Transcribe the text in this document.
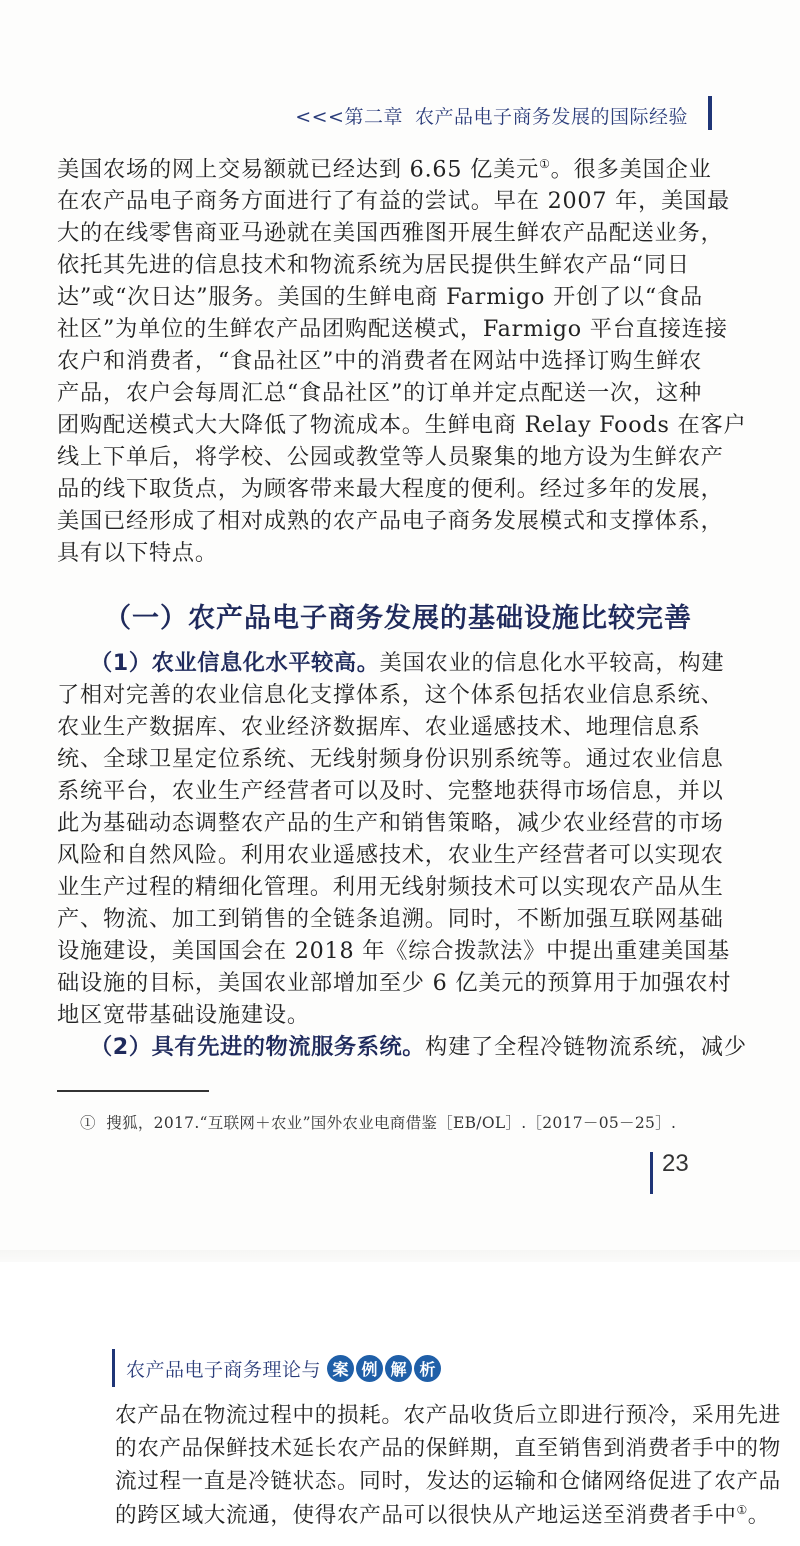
<<<第二章 农产品电子商务发展的国际经验
美国农场的网上交易额就已经达到 6.65 亿美元①。很多美国企业
在农产品电子商务方面进行了有益的尝试。早在 2007 年，美国最
大的在线零售商亚马逊就在美国西雅图开展生鲜农产品配送业务，
依托其先进的信息技术和物流系统为居民提供生鲜农产品“同日
达”或“次日达”服务。美国的生鲜电商 Farmigo 开创了以“食品
社区”为单位的生鲜农产品团购配送模式，Farmigo 平台直接连接
农户和消费者，“食品社区”中的消费者在网站中选择订购生鲜农
产品，农户会每周汇总“食品社区”的订单并定点配送一次，这种
团购配送模式大大降低了物流成本。生鲜电商 Relay Foods 在客户
线上下单后，将学校、公园或教堂等人员聚集的地方设为生鲜农产
品的线下取货点，为顾客带来最大程度的便利。经过多年的发展，
美国已经形成了相对成熟的农产品电子商务发展模式和支撑体系，
具有以下特点。
（一）农产品电子商务发展的基础设施比较完善
（1）农业信息化水平较高。美国农业的信息化水平较高，构建
了相对完善的农业信息化支撑体系，这个体系包括农业信息系统、
农业生产数据库、农业经济数据库、农业遥感技术、地理信息系
统、全球卫星定位系统、无线射频身份识别系统等。通过农业信息
系统平台，农业生产经营者可以及时、完整地获得市场信息，并以
此为基础动态调整农产品的生产和销售策略，减少农业经营的市场
风险和自然风险。利用农业遥感技术，农业生产经营者可以实现农
业生产过程的精细化管理。利用无线射频技术可以实现农产品从生
产、物流、加工到销售的全链条追溯。同时，不断加强互联网基础
设施建设，美国国会在 2018 年《综合拨款法》中提出重建美国基
础设施的目标，美国农业部增加至少 6 亿美元的预算用于加强农村
地区宽带基础设施建设。
（2）具有先进的物流服务系统。构建了全程冷链物流系统，减少
① 搜狐，2017.“互联网＋农业”国外农业电商借鉴［EB/OL］.［2017－05－25］.
23
农产品电子商务理论与 案 例 解 析
农产品在物流过程中的损耗。农产品收货后立即进行预冷，采用先进
的农产品保鲜技术延长农产品的保鲜期，直至销售到消费者手中的物
流过程一直是冷链状态。同时，发达的运输和仓储网络促进了农产品
的跨区域大流通，使得农产品可以很快从产地运送至消费者手中①。
